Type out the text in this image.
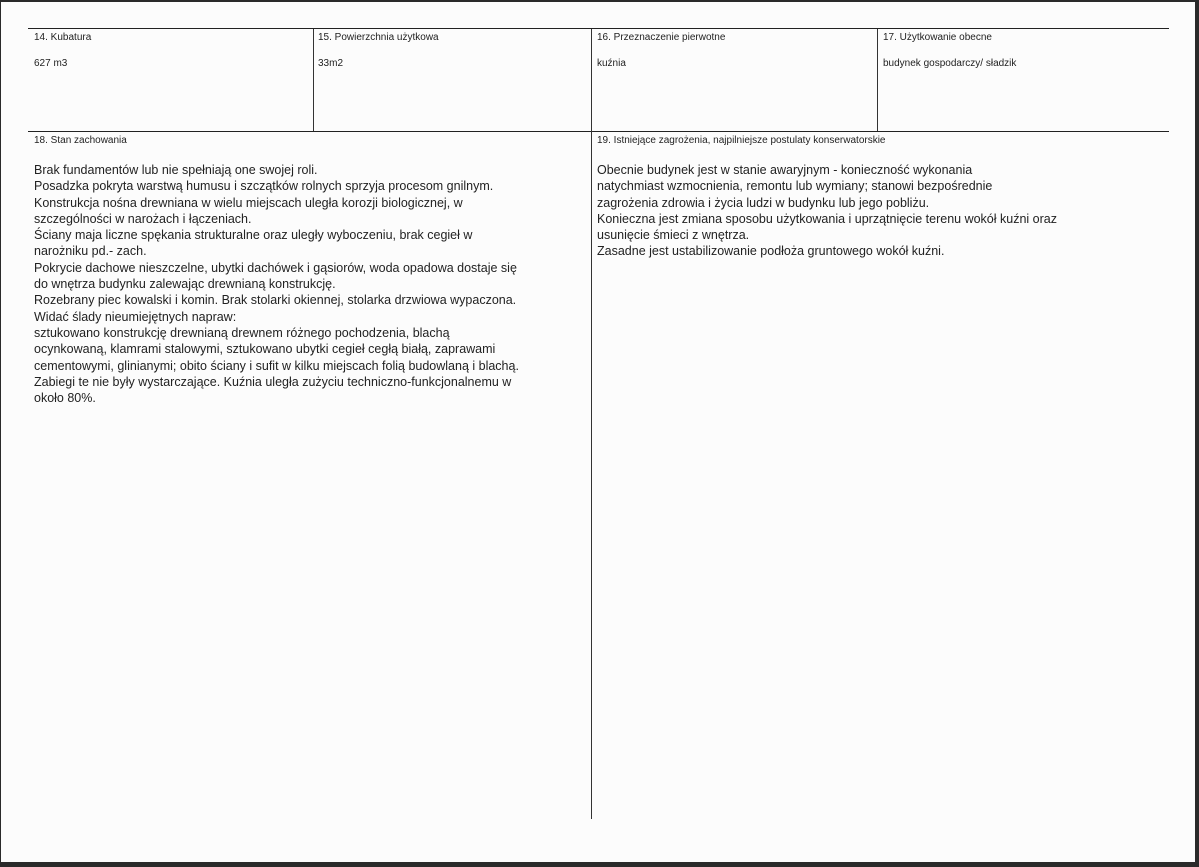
14. Kubatura
627 m3
15. Powierzchnia użytkowa
33m2
16. Przeznaczenie pierwotne
kuźnia
17. Użytkowanie obecne
budynek gospodarczy/ sładzik
18. Stan zachowania

Brak fundamentów lub nie spełniają one swojej roli.

Posadzka pokryta warstwą humusu i szczątków rolnych sprzyja procesom gnilnym.

Konstrukcja nośna drewniana w wielu miejscach uległa korozji biologicznej, w

szczególności w narożach i łączeniach.

Ściany maja liczne spękania strukturalne oraz uległy wyboczeniu, brak cegieł w

narożniku pd.- zach.

Pokrycie dachowe nieszczelne, ubytki dachówek i gąsiorów, woda opadowa dostaje się

do wnętrza budynku zalewając drewnianą konstrukcję.

Rozebrany piec kowalski i komin. Brak stolarki okiennej, stolarka drzwiowa wypaczona.

Widać ślady nieumiejętnych napraw:

sztukowano konstrukcję drewnianą drewnem różnego pochodzenia, blachą

ocynkowaną, klamrami stalowymi, sztukowano ubytki cegieł cegłą białą, zaprawami

cementowymi, glinianymi; obito ściany i sufit w kilku miejscach folią budowlaną i blachą.

Zabiegi te nie były wystarczające. Kuźnia uległa zużyciu techniczno-funkcjonalnemu w

około 80%.

19. Istniejące zagrożenia, najpilniejsze postulaty konserwatorskie

Obecnie budynek jest w stanie awaryjnym - konieczność wykonania

natychmiast wzmocnienia, remontu lub wymiany; stanowi bezpośrednie

zagrożenia zdrowia i życia ludzi w budynku lub jego pobliżu.

Konieczna jest zmiana sposobu użytkowania i uprzątnięcie terenu wokół kuźni oraz

usunięcie śmieci z wnętrza.

Zasadne jest ustabilizowanie podłoża gruntowego wokół kuźni.
